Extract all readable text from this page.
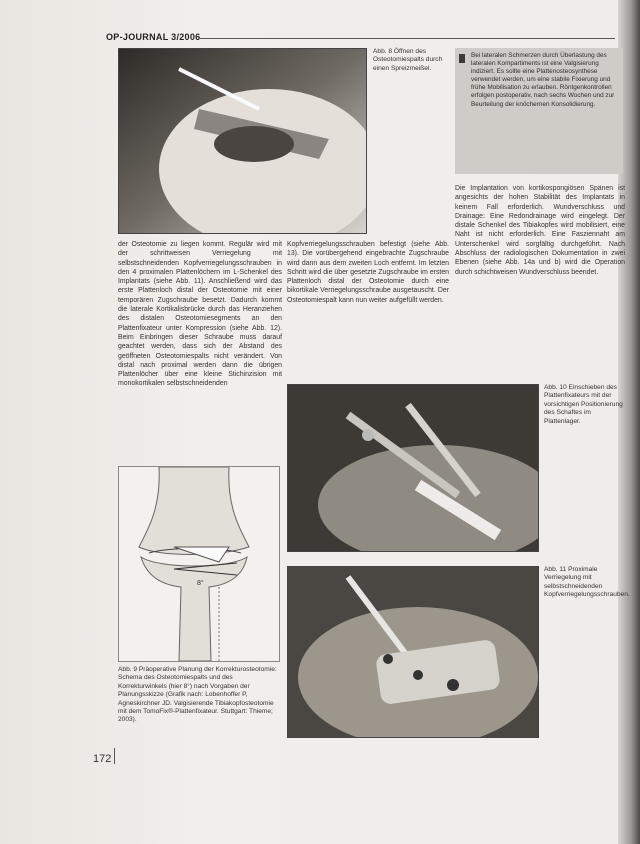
OP-JOURNAL 3/2006
Abb. 8 Öffnen des Osteotomiespalts durch einen Spreizmeißel.
Bei lateralen Schmerzen durch Überlastung des lateralen Kompartiments ist eine Valgisierung indiziert. Es sollte eine Plattenosteosynthese verwendet werden, um eine stabile Fixierung und frühe Mobilisation zu erlauben. Röntgenkontrollen erfolgen postoperativ, nach sechs Wochen und zur Beurteilung der knöchernen Konsolidierung.
Die Implantation von kortikospongiösen Spänen ist angesichts der hohen Stabilität des Implantats in keinem Fall erforderlich. Wundverschluss und Drainage: Eine Redondrainage wird eingelegt. Der distale Schenkel des Tibiakopfes wird mobilisiert, eine Naht ist nicht erforderlich. Eine Fasziennaht am Unterschenkel wird sorgfältig durchgeführt. Nach Abschluss der radiologischen Dokumentation in zwei Ebenen (siehe Abb. 14a und b) wird die Operation durch schichtweisen Wundverschluss beendet.
der Osteotomie zu liegen kommt. Regulär wird mit der schrittweisen Verriegelung mit selbstschneidenden Kopfverriegelungsschrauben in den 4 proximalen Plattenlöchern im L-Schenkel des Implantats (siehe Abb. 11). Anschließend wird das erste Plattenloch distal der Osteotomie mit einer temporären Zugschraube besetzt. Dadurch kommt die laterale Kortikalisbrücke durch das Heranziehen des distalen Osteotomiesegments an den Plattenfixateur unter Kompression (siehe Abb. 12). Beim Einbringen dieser Schraube muss darauf geachtet werden, dass sich der Abstand des geöffneten Osteotomiespalts nicht verändert. Von distal nach proximal werden dann die übrigen Plattenlöcher über eine kleine Stichinzision mit monokortikalen selbstschneidenden
Kopfverriegelungsschrauben befestigt (siehe Abb. 13). Die vorübergehend eingebrachte Zugschraube wird dann aus dem zweiten Loch entfernt. Im letzten Schritt wird die über gesetzte Zugschraube im ersten Plattenloch distal der Osteotomie durch eine bikortikale Verriegelungsschraube ausgetauscht. Der Osteotomiespalt kann nun weiter aufgefüllt werden.
8°
Abb. 9 Präoperative Planung der Korrekturosteotomie: Schema des Osteotomiespalts und des Korrekturwinkels (hier 8°) nach Vorgaben der Planungsskizze (Grafik nach: Lobenhoffer P, Agneskirchner JD. Valgisierende Tibiakopfosteotomie mit dem TomoFix®-Plattenfixateur. Stuttgart: Thieme; 2003).
Abb. 10 Einschieben des Plattenfixateurs mit der vorsichtigen Positionierung des Schaftes im Plattenlager.
Abb. 11 Proximale Verriegelung mit selbstschneidenden Kopfverriegelungsschrauben.
172
